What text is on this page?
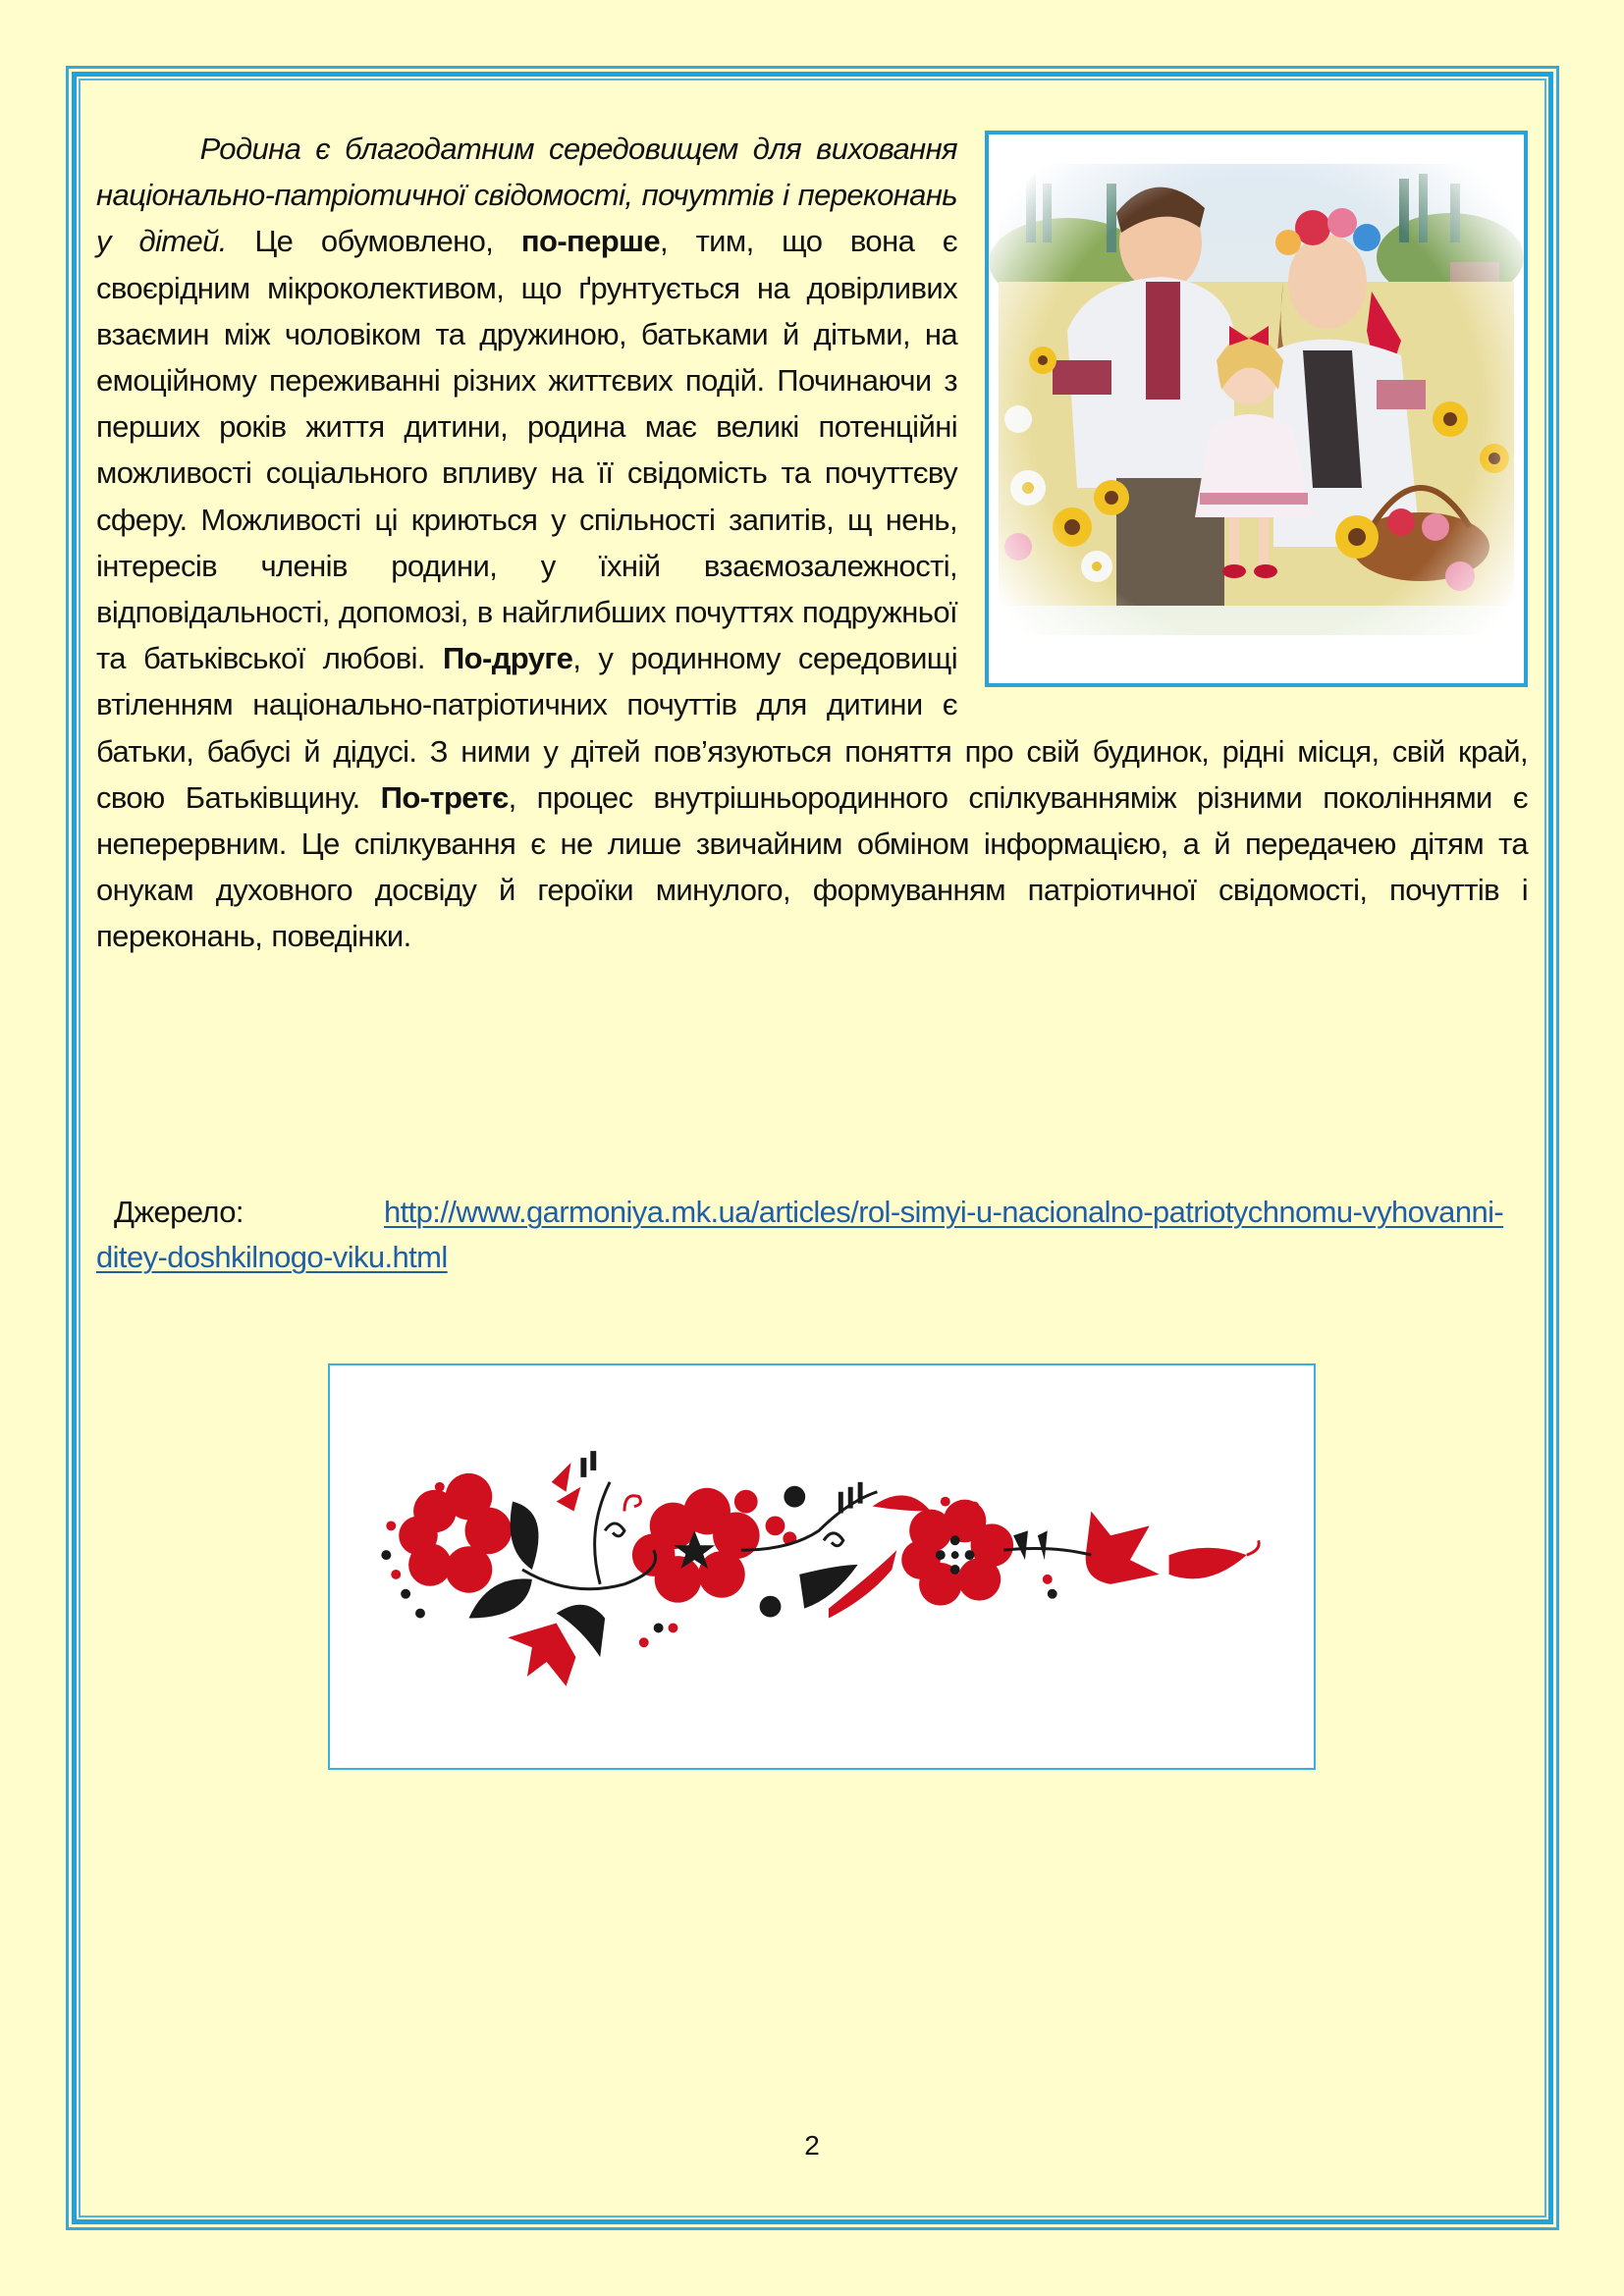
Родина є благодатним середовищем для виховання національно-патріотичної свідомості, почуттів і переконань у дітей. Це обумовлено, по-перше, тим, що вона є своєрідним мікроколективом, що ґрунтується на довірливих взаємин між чоловіком та дружиною, батьками й дітьми, на емоційному переживанні різних життєвих подій. Починаючи з перших років життя дитини, родина має великі потенційні можливості соціального впливу на її свідомість та почуттєву сферу. Можливості ці криються у спільності запитів, щ нень, інтересів членів родини, у їхній взаємозалежності, відповідальності, допомозі, в найглибших почуттях подружньої та батьківської любові. По-друге, у родинному середовищі втіленням національно-патріотичних почуттів для дитини є батьки, бабусі й дідусі. З ними у дітей пов’язуються поняття про свій будинок, рідні місця, свій край, свою Батьківщину. По-третє, процес внутрішньородинного спілкуванняміж різними поколіннями є неперервним. Це спілкування є не лише звичайним обміном інформацією, а й передачею дітям та онукам духовного досвіду й героїки минулого, формуванням патріотичної свідомості, почуттів і переконань, поведінки.

Джерело:	http://www.garmoniya.mk.ua/articles/rol-simyi-u-nacionalno-patriotychnomu-vyhovanni-ditey-doshkilnogo-viku.html
2
